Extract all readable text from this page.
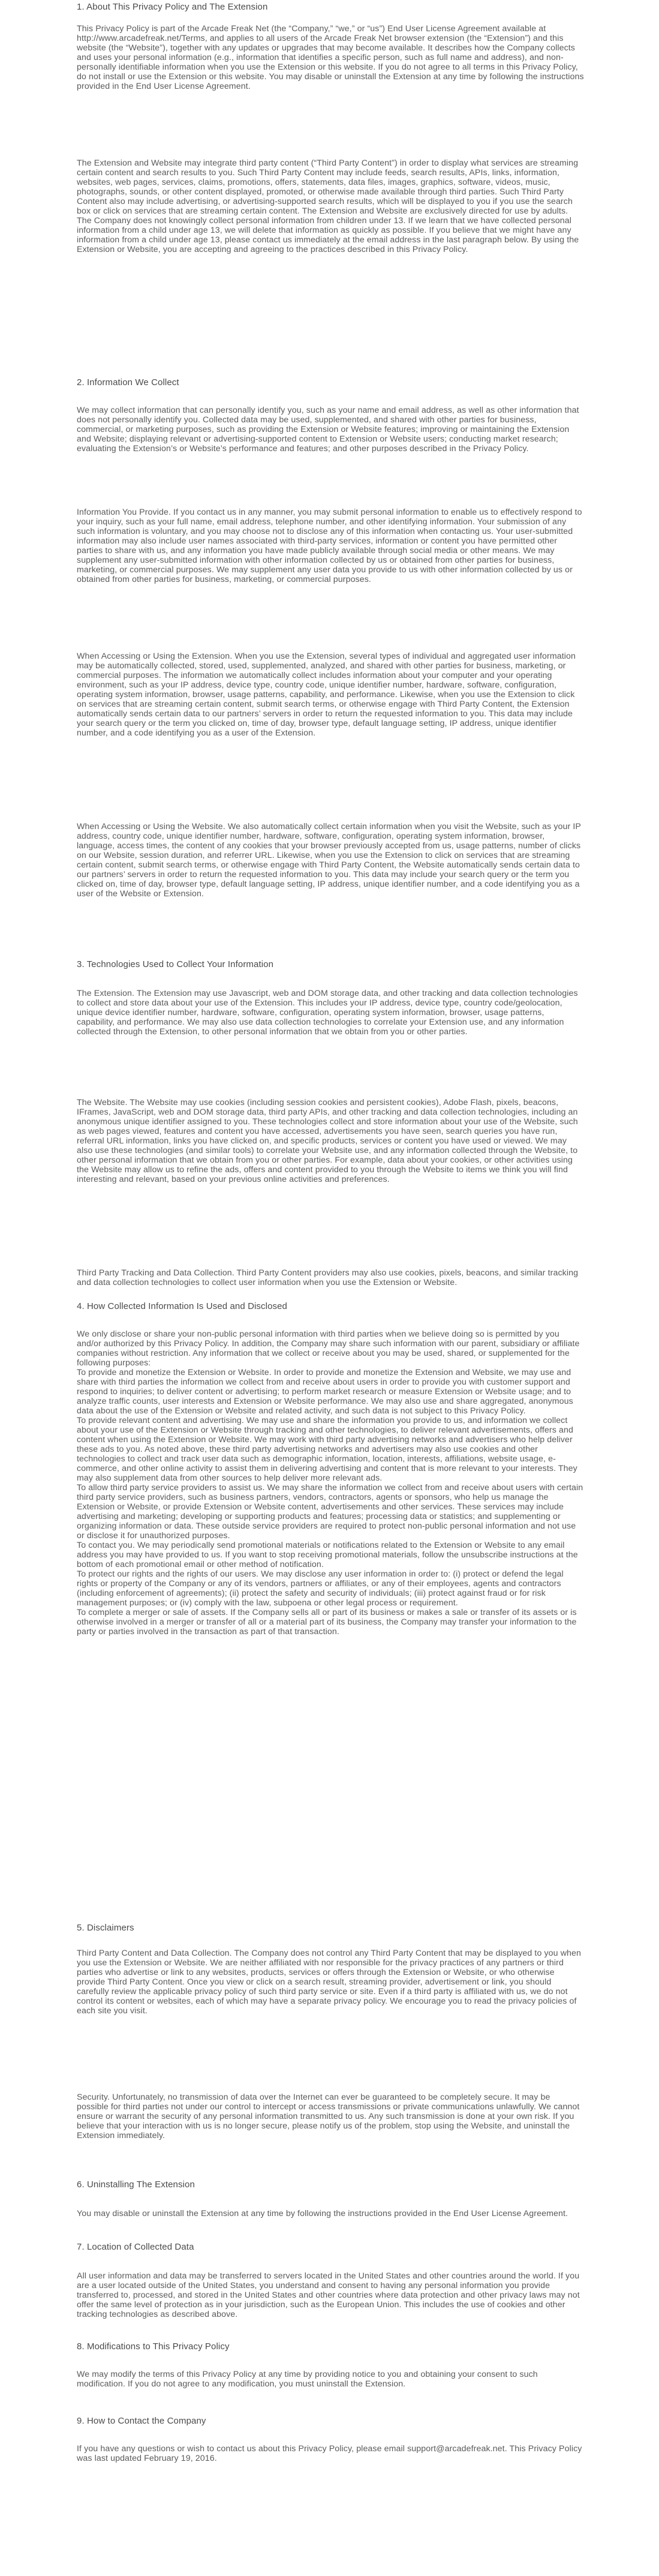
1. About This Privacy Policy and The Extension
This Privacy Policy is part of the Arcade Freak Net (the “Company,” “we,” or “us”) End User License Agreement available at http://www.arcadefreak.net/Terms, and applies to all users of the Arcade Freak Net browser extension (the “Extension”) and this website (the “Website”), together with any updates or upgrades that may become available. It describes how the Company collects and uses your personal information (e.g., information that identifies a specific person, such as full name and address), and non-personally identifiable information when you use the Extension or this website. If you do not agree to all terms in this Privacy Policy, do not install or use the Extension or this website. You may disable or uninstall the Extension at any time by following the instructions provided in the End User License Agreement.
The Extension and Website may integrate third party content (“Third Party Content”) in order to display what services are streaming certain content and search results to you. Such Third Party Content may include feeds, search results, APIs, links, information, websites, web pages, services, claims, promotions, offers, statements, data files, images, graphics, software, videos, music, photographs, sounds, or other content displayed, promoted, or otherwise made available through third parties. Such Third Party Content also may include advertising, or advertising-supported search results, which will be displayed to you if you use the search box or click on services that are streaming certain content. The Extension and Website are exclusively directed for use by adults. The Company does not knowingly collect personal information from children under 13. If we learn that we have collected personal information from a child under age 13, we will delete that information as quickly as possible. If you believe that we might have any information from a child under age 13, please contact us immediately at the email address in the last paragraph below. By using the Extension or Website, you are accepting and agreeing to the practices described in this Privacy Policy.
2. Information We Collect
We may collect information that can personally identify you, such as your name and email address, as well as other information that does not personally identify you. Collected data may be used, supplemented, and shared with other parties for business, commercial, or marketing purposes, such as providing the Extension or Website features; improving or maintaining the Extension and Website; displaying relevant or advertising-supported content to Extension or Website users; conducting market research; evaluating the Extension’s or Website’s performance and features; and other purposes described in the Privacy Policy.
Information You Provide. If you contact us in any manner, you may submit personal information to enable us to effectively respond to your inquiry, such as your full name, email address, telephone number, and other identifying information. Your submission of any such information is voluntary, and you may choose not to disclose any of this information when contacting us. Your user-submitted information may also include user names associated with third-party services, information or content you have permitted other parties to share with us, and any information you have made publicly available through social media or other means. We may supplement any user-submitted information with other information collected by us or obtained from other parties for business, marketing, or commercial purposes. We may supplement any user data you provide to us with other information collected by us or obtained from other parties for business, marketing, or commercial purposes.
When Accessing or Using the Extension. When you use the Extension, several types of individual and aggregated user information may be automatically collected, stored, used, supplemented, analyzed, and shared with other parties for business, marketing, or commercial purposes. The information we automatically collect includes information about your computer and your operating environment, such as your IP address, device type, country code, unique identifier number, hardware, software, configuration, operating system information, browser, usage patterns, capability, and performance. Likewise, when you use the Extension to click on services that are streaming certain content, submit search terms, or otherwise engage with Third Party Content, the Extension automatically sends certain data to our partners’ servers in order to return the requested information to you. This data may include your search query or the term you clicked on, time of day, browser type, default language setting, IP address, unique identifier number, and a code identifying you as a user of the Extension.
When Accessing or Using the Website. We also automatically collect certain information when you visit the Website, such as your IP address, country code, unique identifier number, hardware, software, configuration, operating system information, browser, language, access times, the content of any cookies that your browser previously accepted from us, usage patterns, number of clicks on our Website, session duration, and referrer URL. Likewise, when you use the Extension to click on services that are streaming certain content, submit search terms, or otherwise engage with Third Party Content, the Website automatically sends certain data to our partners’ servers in order to return the requested information to you. This data may include your search query or the term you clicked on, time of day, browser type, default language setting, IP address, unique identifier number, and a code identifying you as a user of the Website or Extension.
3. Technologies Used to Collect Your Information
The Extension. The Extension may use Javascript, web and DOM storage data, and other tracking and data collection technologies to collect and store data about your use of the Extension. This includes your IP address, device type, country code/geolocation, unique device identifier number, hardware, software, configuration, operating system information, browser, usage patterns, capability, and performance. We may also use data collection technologies to correlate your Extension use, and any information collected through the Extension, to other personal information that we obtain from you or other parties.
The Website. The Website may use cookies (including session cookies and persistent cookies), Adobe Flash, pixels, beacons, IFrames, JavaScript, web and DOM storage data, third party APIs, and other tracking and data collection technologies, including an anonymous unique identifier assigned to you. These technologies collect and store information about your use of the Website, such as web pages viewed, features and content you have accessed, advertisements you have seen, search queries you have run, referral URL information, links you have clicked on, and specific products, services or content you have used or viewed. We may also use these technologies (and similar tools) to correlate your Website use, and any information collected through the Website, to other personal information that we obtain from you or other parties. For example, data about your cookies, or other activities using the Website may allow us to refine the ads, offers and content provided to you through the Website to items we think you will find interesting and relevant, based on your previous online activities and preferences.
Third Party Tracking and Data Collection. Third Party Content providers may also use cookies, pixels, beacons, and similar tracking and data collection technologies to collect user information when you use the Extension or Website.
4. How Collected Information Is Used and Disclosed
We only disclose or share your non-public personal information with third parties when we believe doing so is permitted by you and/or authorized by this Privacy Policy. In addition, the Company may share such information with our parent, subsidiary or affiliate companies without restriction. Any information that we collect or receive about you may be used, shared, or supplemented for the following purposes:
To provide and monetize the Extension or Website. In order to provide and monetize the Extension and Website, we may use and share with third parties the information we collect from and receive about users in order to provide you with customer support and respond to inquiries; to deliver content or advertising; to perform market research or measure Extension or Website usage; and to analyze traffic counts, user interests and Extension or Website performance. We may also use and share aggregated, anonymous data about the use of the Extension or Website and related activity, and such data is not subject to this Privacy Policy.
To provide relevant content and advertising. We may use and share the information you provide to us, and information we collect about your use of the Extension or Website through tracking and other technologies, to deliver relevant advertisements, offers and content when using the Extension or Website. We may work with third party advertising networks and advertisers who help deliver these ads to you. As noted above, these third party advertising networks and advertisers may also use cookies and other technologies to collect and track user data such as demographic information, location, interests, affiliations, website usage, e-commerce, and other online activity to assist them in delivering advertising and content that is more relevant to your interests. They may also supplement data from other sources to help deliver more relevant ads.
To allow third party service providers to assist us. We may share the information we collect from and receive about users with certain third party service providers, such as business partners, vendors, contractors, agents or sponsors, who help us manage the Extension or Website, or provide Extension or Website content, advertisements and other services. These services may include advertising and marketing; developing or supporting products and features; processing data or statistics; and supplementing or organizing information or data. These outside service providers are required to protect non-public personal information and not use or disclose it for unauthorized purposes.
To contact you. We may periodically send promotional materials or notifications related to the Extension or Website to any email address you may have provided to us. If you want to stop receiving promotional materials, follow the unsubscribe instructions at the bottom of each promotional email or other method of notification.
To protect our rights and the rights of our users. We may disclose any user information in order to: (i) protect or defend the legal rights or property of the Company or any of its vendors, partners or affiliates, or any of their employees, agents and contractors (including enforcement of agreements); (ii) protect the safety and security of individuals; (iii) protect against fraud or for risk management purposes; or (iv) comply with the law, subpoena or other legal process or requirement.
To complete a merger or sale of assets. If the Company sells all or part of its business or makes a sale or transfer of its assets or is otherwise involved in a merger or transfer of all or a material part of its business, the Company may transfer your information to the party or parties involved in the transaction as part of that transaction.
5. Disclaimers
Third Party Content and Data Collection. The Company does not control any Third Party Content that may be displayed to you when you use the Extension or Website. We are neither affiliated with nor responsible for the privacy practices of any partners or third parties who advertise or link to any websites, products, services or offers through the Extension or Website, or who otherwise provide Third Party Content. Once you view or click on a search result, streaming provider, advertisement or link, you should carefully review the applicable privacy policy of such third party service or site. Even if a third party is affiliated with us, we do not control its content or websites, each of which may have a separate privacy policy. We encourage you to read the privacy policies of each site you visit.
Security. Unfortunately, no transmission of data over the Internet can ever be guaranteed to be completely secure. It may be possible for third parties not under our control to intercept or access transmissions or private communications unlawfully. We cannot ensure or warrant the security of any personal information transmitted to us. Any such transmission is done at your own risk. If you believe that your interaction with us is no longer secure, please notify us of the problem, stop using the Website, and uninstall the Extension immediately.
6. Uninstalling The Extension
You may disable or uninstall the Extension at any time by following the instructions provided in the End User License Agreement.
7. Location of Collected Data
All user information and data may be transferred to servers located in the United States and other countries around the world. If you are a user located outside of the United States, you understand and consent to having any personal information you provide transferred to, processed, and stored in the United States and other countries where data protection and other privacy laws may not offer the same level of protection as in your jurisdiction, such as the European Union. This includes the use of cookies and other tracking technologies as described above.
8. Modifications to This Privacy Policy
We may modify the terms of this Privacy Policy at any time by providing notice to you and obtaining your consent to such modification. If you do not agree to any modification, you must uninstall the Extension.
9. How to Contact the Company
If you have any questions or wish to contact us about this Privacy Policy, please email support@arcadefreak.net. This Privacy Policy was last updated February 19, 2016.
